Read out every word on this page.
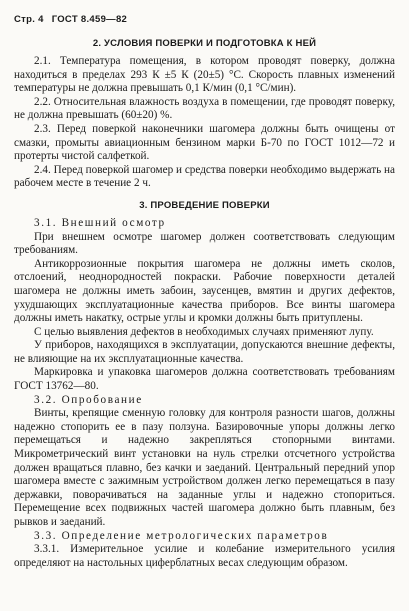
Стр. 4 ГОСТ 8.459—82
2. УСЛОВИЯ ПОВЕРКИ И ПОДГОТОВКА К НЕЙ

2.1. Температура помещения, в котором проводят поверку, должна находиться в пределах 293 К ±5 К (20±5) °С. Скорость плавных изменений температуры не должна превышать 0,1 К/мин (0,1 °С/мин).

2.2. Относительная влажность воздуха в помещении, где проводят поверку, не должна превышать (60±20) %.

2.3. Перед поверкой наконечники шагомера должны быть очищены от смазки, промыты авиационным бензином марки Б-70 по ГОСТ 1012—72 и протерты чистой салфеткой.

2.4. Перед поверкой шагомер и средства поверки необходимо выдержать на рабочем месте в течение 2 ч.

3. ПРОВЕДЕНИЕ ПОВЕРКИ

3.1. Внешний осмотр

При внешнем осмотре шагомер должен соответствовать следующим требованиям.

Антикоррозионные покрытия шагомера не должны иметь сколов, отслоений, неоднородностей покраски. Рабочие поверхности деталей шагомера не должны иметь забоин, заусенцев, вмятин и других дефектов, ухудшающих эксплуатационные качества приборов. Все винты шагомера должны иметь накатку, острые углы и кромки должны быть притуплены.

С целью выявления дефектов в необходимых случаях применяют лупу.

У приборов, находящихся в эксплуатации, допускаются внешние дефекты, не влияющие на их эксплуатационные качества.

Маркировка и упаковка шагомеров должна соответствовать требованиям ГОСТ 13762—80.

3.2. Опробование

Винты, крепящие сменную головку для контроля разности шагов, должны надежно стопорить ее в пазу ползуна. Базировочные упоры должны легко перемещаться и надежно закрепляться стопорными винтами. Микрометрический винт установки на нуль стрелки отсчетного устройства должен вращаться плавно, без качки и заеданий. Центральный передний упор шагомера вместе с зажимным устройством должен легко перемещаться в пазу державки, поворачиваться на заданные углы и надежно стопориться. Перемещение всех подвижных частей шагомера должно быть плавным, без рывков и заеданий.

3.3. Определение метрологических параметров

3.3.1. Измерительное усилие и колебание измерительного усилия определяют на настольных циферблатных весах следующим образом.
